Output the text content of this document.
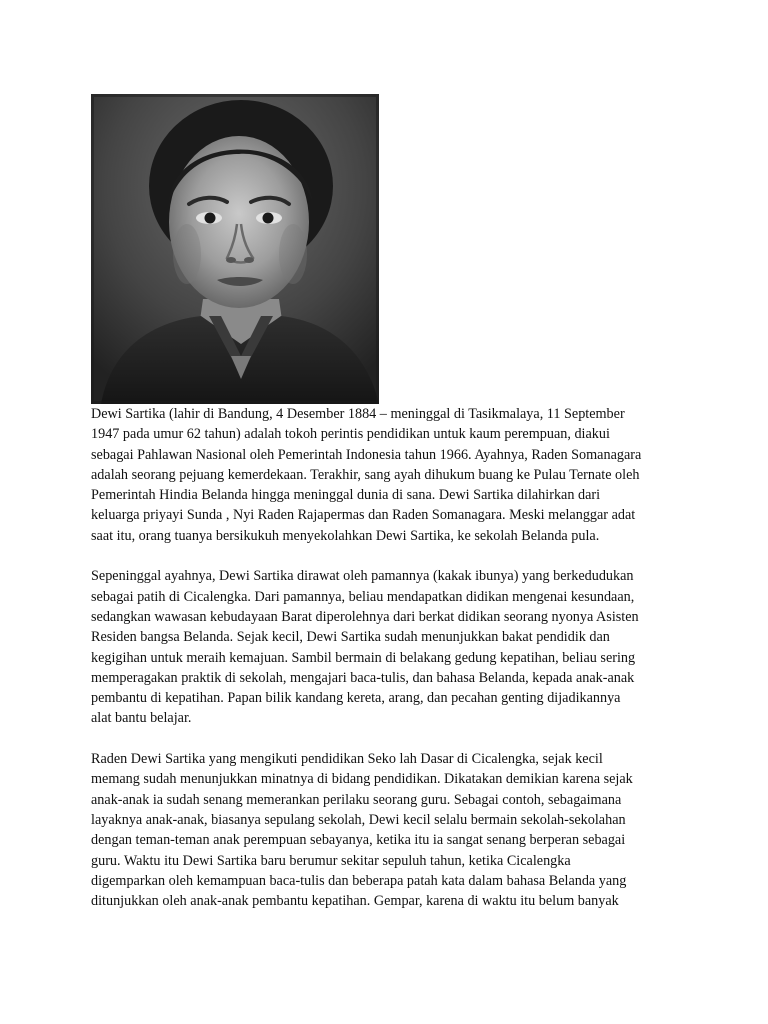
Dewi Sartika (lahir di Bandung, 4 Desember 1884 – meninggal di Tasikmalaya, 11 September
1947 pada umur 62 tahun) adalah tokoh perintis pendidikan untuk kaum perempuan, diakui
sebagai Pahlawan Nasional oleh Pemerintah Indonesia tahun 1966. Ayahnya, Raden Somanagara
adalah seorang pejuang kemerdekaan. Terakhir, sang ayah dihukum buang ke Pulau Ternate oleh
Pemerintah Hindia Belanda hingga meninggal dunia di sana. Dewi Sartika dilahirkan dari
keluarga priyayi Sunda , Nyi Raden Rajapermas dan Raden Somanagara. Meski melanggar adat
saat itu, orang tuanya bersikukuh menyekolahkan Dewi Sartika, ke sekolah Belanda pula.

Sepeninggal ayahnya, Dewi Sartika dirawat oleh pamannya (kakak ibunya) yang berkedudukan
sebagai patih di Cicalengka. Dari pamannya, beliau mendapatkan didikan mengenai kesundaan,
sedangkan wawasan kebudayaan Barat diperolehnya dari berkat didikan seorang nyonya Asisten
Residen bangsa Belanda. Sejak kecil, Dewi Sartika sudah menunjukkan bakat pendidik dan
kegigihan untuk meraih kemajuan. Sambil bermain di belakang gedung kepatihan, beliau sering
memperagakan praktik di sekolah, mengajari baca-tulis, dan bahasa Belanda, kepada anak-anak
pembantu di kepatihan. Papan bilik kandang kereta, arang, dan pecahan genting dijadikannya
alat bantu belajar.

Raden Dewi Sartika yang mengikuti pendidikan Seko lah Dasar di Cicalengka, sejak kecil
memang sudah menunjukkan minatnya di bidang pendidikan. Dikatakan demikian karena sejak
anak-anak ia sudah senang memerankan perilaku seorang guru. Sebagai contoh, sebagaimana
layaknya anak-anak, biasanya sepulang sekolah, Dewi kecil selalu bermain sekolah-sekolahan
dengan teman-teman anak perempuan sebayanya, ketika itu ia sangat senang berperan sebagai
guru. Waktu itu Dewi Sartika baru berumur sekitar sepuluh tahun, ketika Cicalengka
digemparkan oleh kemampuan baca-tulis dan beberapa patah kata dalam bahasa Belanda yang
ditunjukkan oleh anak-anak pembantu kepatihan. Gempar, karena di waktu itu belum banyak
